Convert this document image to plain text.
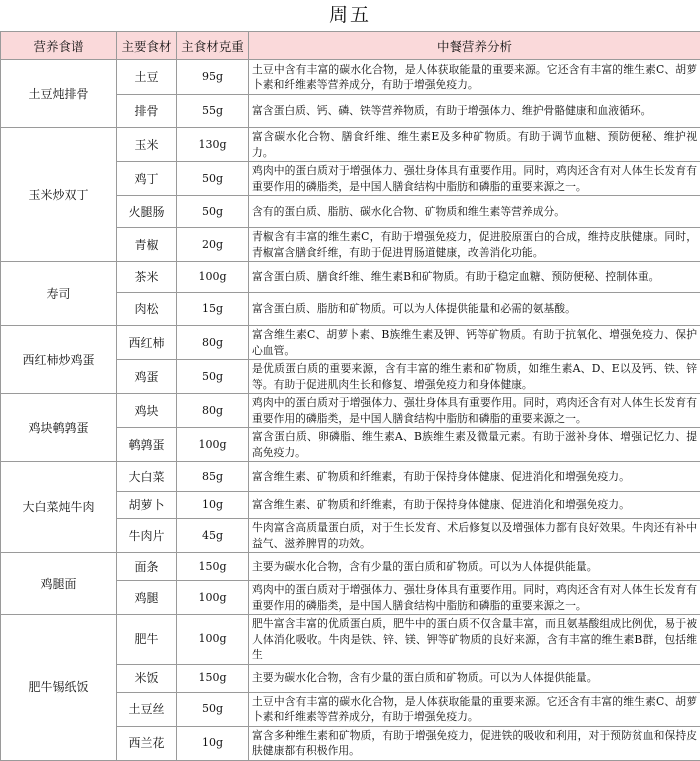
周五
营养食谱	主要食材	主食材克重	中餐营养分析
土豆炖排骨	土豆	95g	土豆中含有丰富的碳水化合物，是人体获取能量的重要来源。它还含有丰富的维生素C、胡萝卜素和纤维素等营养成分，有助于增强免疫力。
	排骨	55g	富含蛋白质、钙、磷、铁等营养物质，有助于增强体力、维护骨骼健康和血液循环。
玉米炒双丁	玉米	130g	富含碳水化合物、膳食纤维、维生素E及多种矿物质。有助于调节血糖、预防便秘、维护视力。
	鸡丁	50g	鸡肉中的蛋白质对于增强体力、强壮身体具有重要作用。同时，鸡肉还含有对人体生长发育有重要作用的磷脂类，是中国人膳食结构中脂肪和磷脂的重要来源之一。
	火腿肠	50g	含有的蛋白质、脂肪、碳水化合物、矿物质和维生素等营养成分。
	青椒	20g	青椒含有丰富的维生素C，有助于增强免疫力，促进胶原蛋白的合成，维持皮肤健康。同时，青椒富含膳食纤维，有助于促进胃肠道健康，改善消化功能。
寿司	茶米	100g	富含蛋白质、膳食纤维、维生素B和矿物质。有助于稳定血糖、预防便秘、控制体重。
	肉松	15g	富含蛋白质、脂肪和矿物质。可以为人体提供能量和必需的氨基酸。
西红柿炒鸡蛋	西红柿	80g	富含维生素C、胡萝卜素、B族维生素及钾、钙等矿物质。有助于抗氧化、增强免疫力、保护心血管。
	鸡蛋	50g	是优质蛋白质的重要来源，含有丰富的维生素和矿物质，如维生素A、D、E以及钙、铁、锌等。有助于促进肌肉生长和修复、增强免疫力和身体健康。
鸡块鹌鹑蛋	鸡块	80g	鸡肉中的蛋白质对于增强体力、强壮身体具有重要作用。同时，鸡肉还含有对人体生长发育有重要作用的磷脂类，是中国人膳食结构中脂肪和磷脂的重要来源之一。
	鹌鹑蛋	100g	富含蛋白质、卵磷脂、维生素A、B族维生素及微量元素。有助于滋补身体、增强记忆力、提高免疫力。
大白菜炖牛肉	大白菜	85g	富含维生素、矿物质和纤维素，有助于保持身体健康、促进消化和增强免疫力。
	胡萝卜	10g	富含维生素、矿物质和纤维素，有助于保持身体健康、促进消化和增强免疫力。
	牛肉片	45g	牛肉富含高质量蛋白质，对于生长发育、术后修复以及增强体力都有良好效果。牛肉还有补中益气、滋养脾胃的功效。
鸡腿面	面条	150g	主要为碳水化合物，含有少量的蛋白质和矿物质。可以为人体提供能量。
	鸡腿	100g	鸡肉中的蛋白质对于增强体力、强壮身体具有重要作用。同时，鸡肉还含有对人体生长发育有重要作用的磷脂类，是中国人膳食结构中脂肪和磷脂的重要来源之一。
肥牛锡纸饭	肥牛	100g	肥牛富含丰富的优质蛋白质，肥牛中的蛋白质不仅含量丰富，而且氨基酸组成比例优，易于被人体消化吸收。牛肉是铁、锌、镁、钾等矿物质的良好来源，含有丰富的维生素B群，包括维生
	米饭	150g	主要为碳水化合物，含有少量的蛋白质和矿物质。可以为人体提供能量。
	土豆丝	50g	土豆中含有丰富的碳水化合物，是人体获取能量的重要来源。它还含有丰富的维生素C、胡萝卜素和纤维素等营养成分，有助于增强免疫力。
	西兰花	10g	富含多种维生素和矿物质，有助于增强免疫力，促进铁的吸收和利用，对于预防贫血和保持皮肤健康都有积极作用。
